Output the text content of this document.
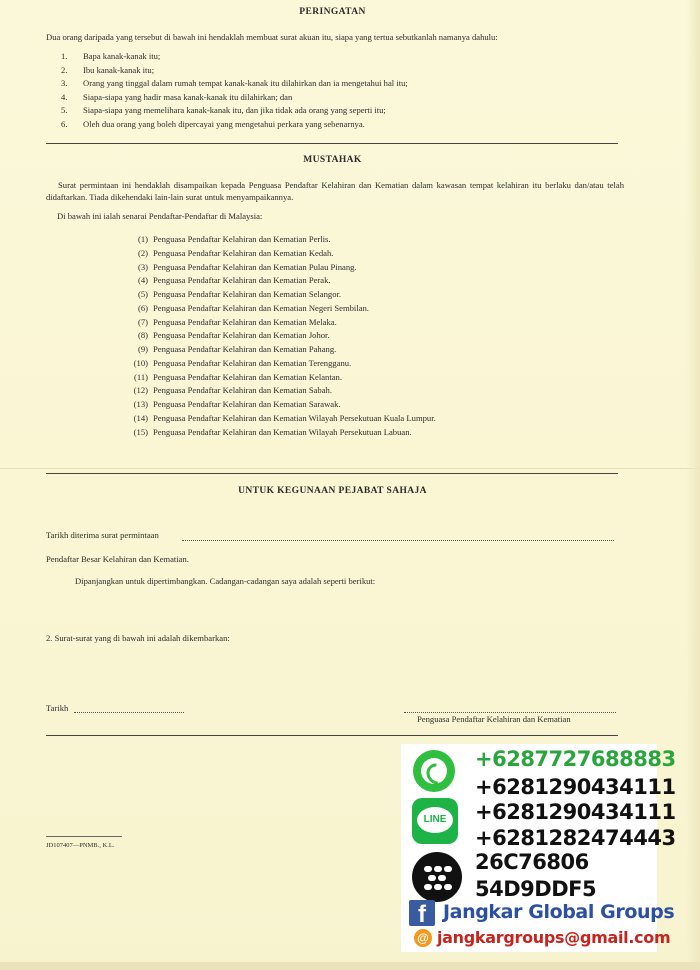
PERINGATAN
Dua orang daripada yang tersebut di bawah ini hendaklah membuat surat akuan itu, siapa yang tertua sebutkanlah namanya dahulu:
1. Bapa kanak-kanak itu;
2. Ibu kanak-kanak itu;
3. Orang yang tinggal dalam rumah tempat kanak-kanak itu dilahirkan dan ia mengetahui hal itu;
4. Siapa-siapa yang hadir masa kanak-kanak itu dilahirkan; dan
5. Siapa-siapa yang memelihara kanak-kanak itu, dan jika tidak ada orang yang seperti itu;
6. Oleh dua orang yang boleh dipercayai yang mengetahui perkara yang sebenarnya.
MUSTAHAK
Surat permintaan ini hendaklah disampaikan kepada Penguasa Pendaftar Kelahiran dan Kematian dalam kawasan tempat kelahiran itu berlaku dan/atau telah didaftarkan. Tiada dikehendaki lain-lain surat untuk menyampaikannya.
Di bawah ini ialah senarai Pendaftar-Pendaftar di Malaysia:
(1) Penguasa Pendaftar Kelahiran dan Kematian Perlis.
(2) Penguasa Pendaftar Kelahiran dan Kematian Kedah.
(3) Penguasa Pendaftar Kelahiran dan Kematian Pulau Pinang.
(4) Penguasa Pendaftar Kelahiran dan Kematian Perak.
(5) Penguasa Pendaftar Kelahiran dan Kematian Selangor.
(6) Penguasa Pendaftar Kelahiran dan Kematian Negeri Sembilan.
(7) Penguasa Pendaftar Kelahiran dan Kematian Melaka.
(8) Penguasa Pendaftar Kelahiran dan Kematian Johor.
(9) Penguasa Pendaftar Kelahiran dan Kematian Pahang.
(10) Penguasa Pendaftar Kelahiran dan Kematian Terengganu.
(11) Penguasa Pendaftar Kelahiran dan Kematian Kelantan.
(12) Penguasa Pendaftar Kelahiran dan Kematian Sabah.
(13) Penguasa Pendaftar Kelahiran dan Kematian Sarawak.
(14) Penguasa Pendaftar Kelahiran dan Kematian Wilayah Persekutuan Kuala Lumpur.
(15) Penguasa Pendaftar Kelahiran dan Kematian Wilayah Persekutuan Labuan.
UNTUK KEGUNAAN PEJABAT SAHAJA
Tarikh diterima surat permintaan
Pendaftar Besar Kelahiran dan Kematian.
Dipanjangkan untuk dipertimbangkan. Cadangan-cadangan saya adalah seperti berikut:
2. Surat-surat yang di bawah ini adalah dikembarkan:
Tarikh
Penguasa Pendaftar Kelahiran dan Kematian
JD107407—PNMB., K.L.
LINE
+6287727688883
+6281290434111
+6281290434111
+6281282474443
26C76806
54D9DDF5
f Jangkar Global Groups
@ jangkargroups@gmail.com
